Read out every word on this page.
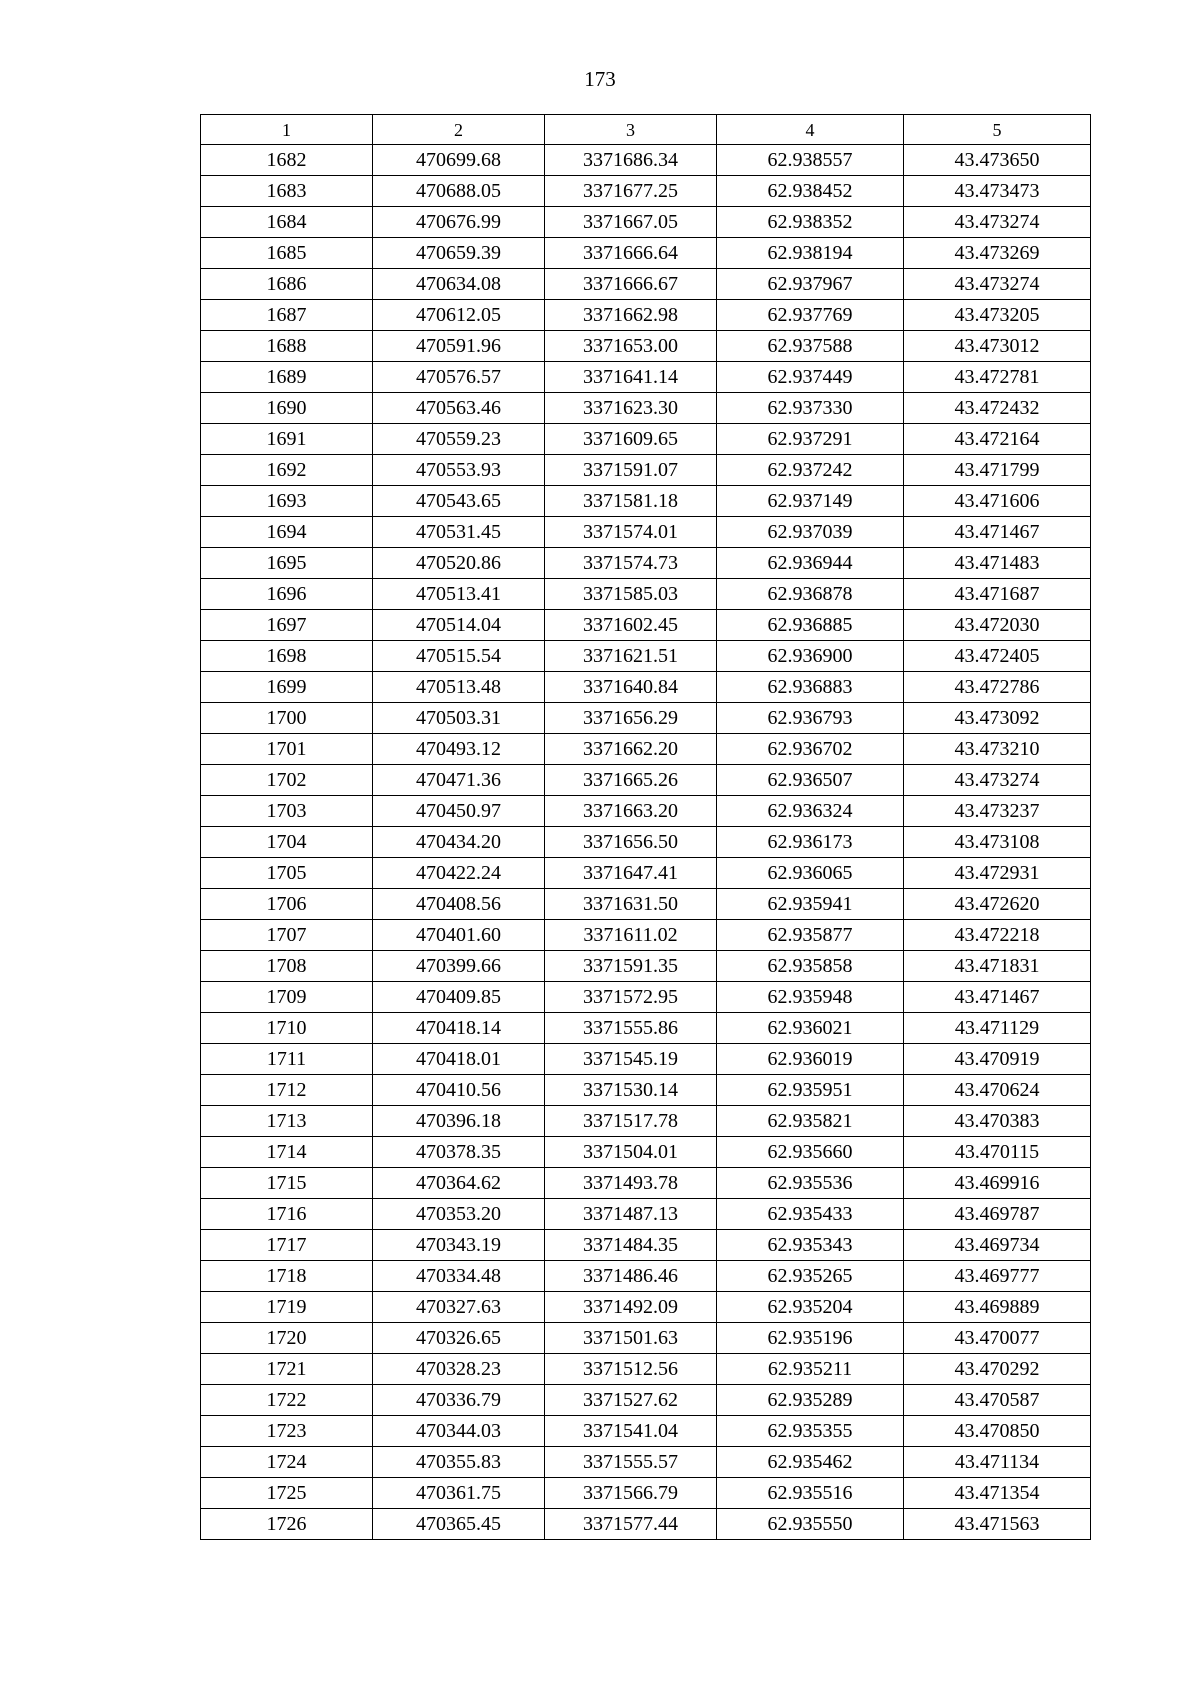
173
1	2	3	4	5
1682	470699.68	3371686.34	62.938557	43.473650
1683	470688.05	3371677.25	62.938452	43.473473
1684	470676.99	3371667.05	62.938352	43.473274
1685	470659.39	3371666.64	62.938194	43.473269
1686	470634.08	3371666.67	62.937967	43.473274
1687	470612.05	3371662.98	62.937769	43.473205
1688	470591.96	3371653.00	62.937588	43.473012
1689	470576.57	3371641.14	62.937449	43.472781
1690	470563.46	3371623.30	62.937330	43.472432
1691	470559.23	3371609.65	62.937291	43.472164
1692	470553.93	3371591.07	62.937242	43.471799
1693	470543.65	3371581.18	62.937149	43.471606
1694	470531.45	3371574.01	62.937039	43.471467
1695	470520.86	3371574.73	62.936944	43.471483
1696	470513.41	3371585.03	62.936878	43.471687
1697	470514.04	3371602.45	62.936885	43.472030
1698	470515.54	3371621.51	62.936900	43.472405
1699	470513.48	3371640.84	62.936883	43.472786
1700	470503.31	3371656.29	62.936793	43.473092
1701	470493.12	3371662.20	62.936702	43.473210
1702	470471.36	3371665.26	62.936507	43.473274
1703	470450.97	3371663.20	62.936324	43.473237
1704	470434.20	3371656.50	62.936173	43.473108
1705	470422.24	3371647.41	62.936065	43.472931
1706	470408.56	3371631.50	62.935941	43.472620
1707	470401.60	3371611.02	62.935877	43.472218
1708	470399.66	3371591.35	62.935858	43.471831
1709	470409.85	3371572.95	62.935948	43.471467
1710	470418.14	3371555.86	62.936021	43.471129
1711	470418.01	3371545.19	62.936019	43.470919
1712	470410.56	3371530.14	62.935951	43.470624
1713	470396.18	3371517.78	62.935821	43.470383
1714	470378.35	3371504.01	62.935660	43.470115
1715	470364.62	3371493.78	62.935536	43.469916
1716	470353.20	3371487.13	62.935433	43.469787
1717	470343.19	3371484.35	62.935343	43.469734
1718	470334.48	3371486.46	62.935265	43.469777
1719	470327.63	3371492.09	62.935204	43.469889
1720	470326.65	3371501.63	62.935196	43.470077
1721	470328.23	3371512.56	62.935211	43.470292
1722	470336.79	3371527.62	62.935289	43.470587
1723	470344.03	3371541.04	62.935355	43.470850
1724	470355.83	3371555.57	62.935462	43.471134
1725	470361.75	3371566.79	62.935516	43.471354
1726	470365.45	3371577.44	62.935550	43.471563
